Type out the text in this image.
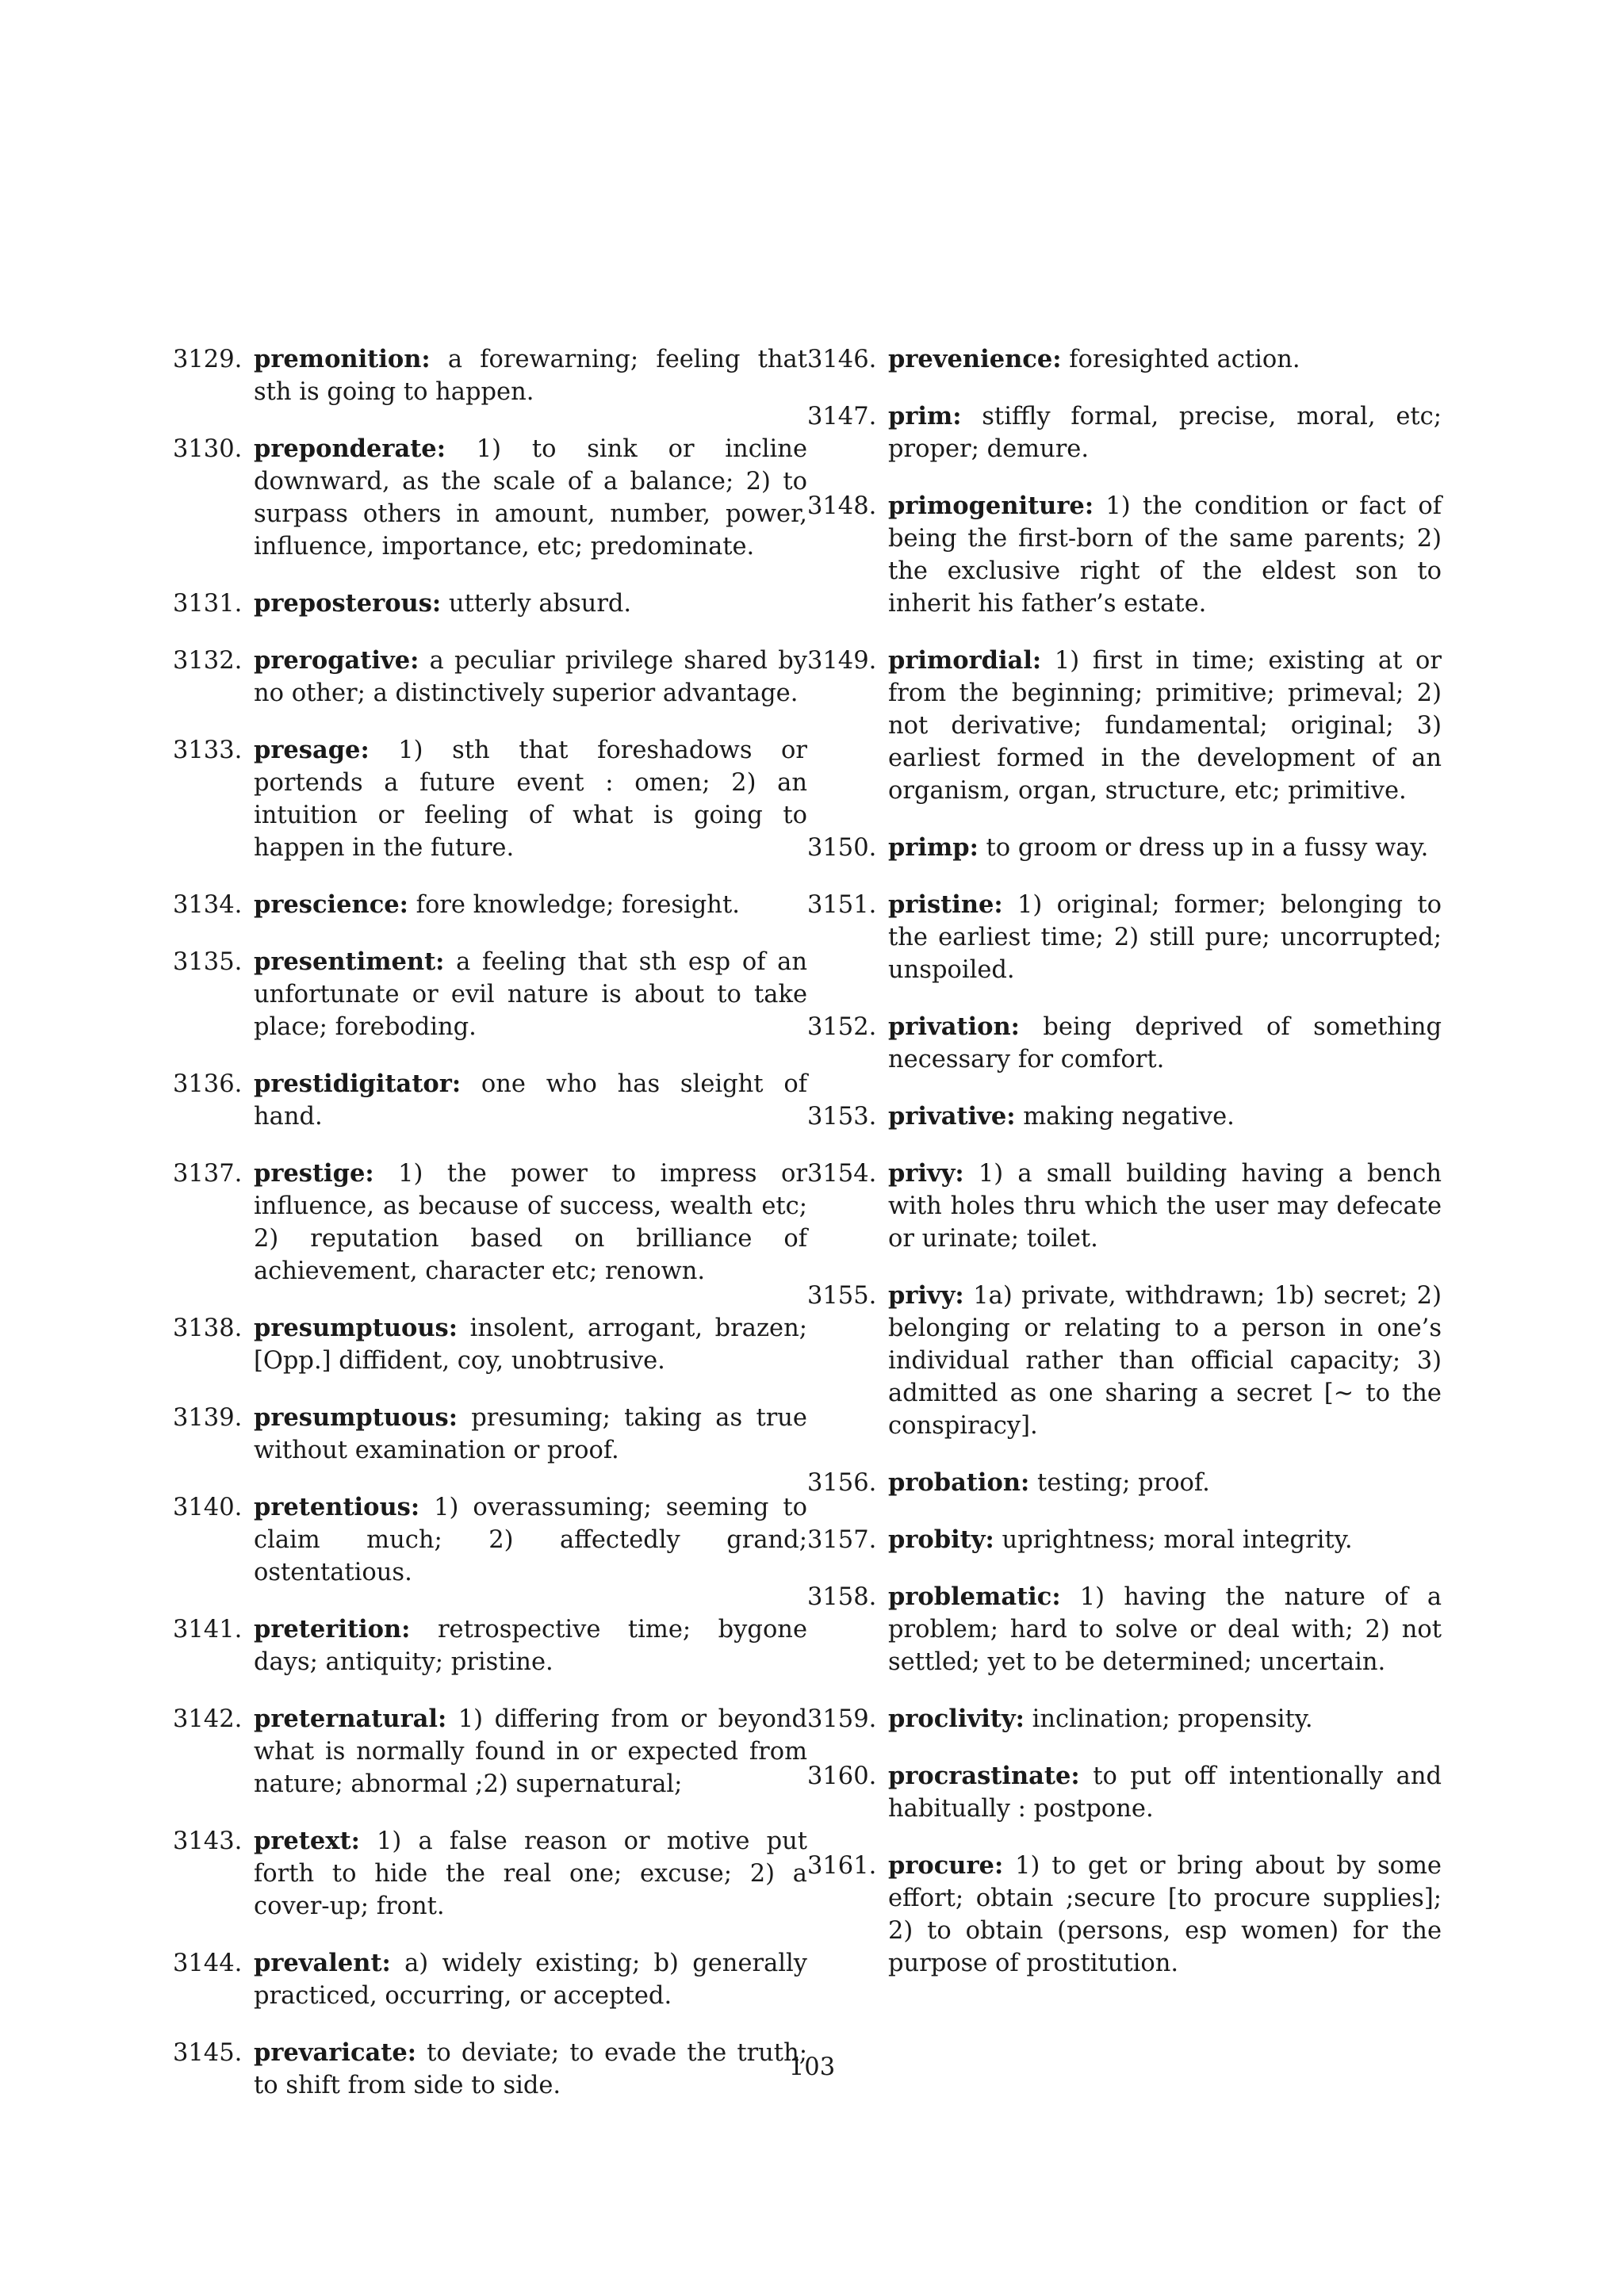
3129. premonition: a forewarning; feeling that sth is going to happen.
3130. preponderate: 1) to sink or incline downward, as the scale of a balance; 2) to surpass others in amount, number, power, influence, importance, etc; predominate.
3131. preposterous: utterly absurd.
3132. prerogative: a peculiar privilege shared by no other; a distinctively superior advantage.
3133. presage: 1) sth that foreshadows or portends a future event : omen; 2) an intuition or feeling of what is going to happen in the future.
3134. prescience: fore knowledge; foresight.
3135. presentiment: a feeling that sth esp of an unfortunate or evil nature is about to take place; foreboding.
3136. prestidigitator: one who has sleight of hand.
3137. prestige: 1) the power to impress or influence, as because of success, wealth etc; 2) reputation based on brilliance of achievement, character etc; renown.
3138. presumptuous: insolent, arrogant, brazen; [Opp.] diffident, coy, unobtrusive.
3139. presumptuous: presuming; taking as true without examination or proof.
3140. pretentious: 1) overassuming; seeming to claim much; 2) affectedly grand; ostentatious.
3141. preterition: retrospective time; bygone days; antiquity; pristine.
3142. preternatural: 1) differing from or beyond what is normally found in or expected from nature; abnormal ;2) supernatural;
3143. pretext: 1) a false reason or motive put forth to hide the real one; excuse; 2) a cover-up; front.
3144. prevalent: a) widely existing; b) generally practiced, occurring, or accepted.
3145. prevaricate: to deviate; to evade the truth; to shift from side to side.
3146. prevenience: foresighted action.
3147. prim: stiffly formal, precise, moral, etc; proper; demure.
3148. primogeniture: 1) the condition or fact of being the first-born of the same parents; 2) the exclusive right of the eldest son to inherit his father’s estate.
3149. primordial: 1) first in time; existing at or from the beginning; primitive; primeval; 2) not derivative; fundamental; original; 3) earliest formed in the development of an organism, organ, structure, etc; primitive.
3150. primp: to groom or dress up in a fussy way.
3151. pristine: 1) original; former; belonging to the earliest time; 2) still pure; uncorrupted; unspoiled.
3152. privation: being deprived of something necessary for comfort.
3153. privative: making negative.
3154. privy: 1) a small building having a bench with holes thru which the user may defecate or urinate; toilet.
3155. privy: 1a) private, withdrawn; 1b) secret; 2) belonging or relating to a person in one’s individual rather than official capacity; 3) admitted as one sharing a secret [∼ to the conspiracy].
3156. probation: testing; proof.
3157. probity: uprightness; moral integrity.
3158. problematic: 1) having the nature of a problem; hard to solve or deal with; 2) not settled; yet to be determined; uncertain.
3159. proclivity: inclination; propensity.
3160. procrastinate: to put off intentionally and habitually : postpone.
3161. procure: 1) to get or bring about by some effort; obtain ;secure [to procure supplies]; 2) to obtain (persons, esp women) for the purpose of prostitution.
103
